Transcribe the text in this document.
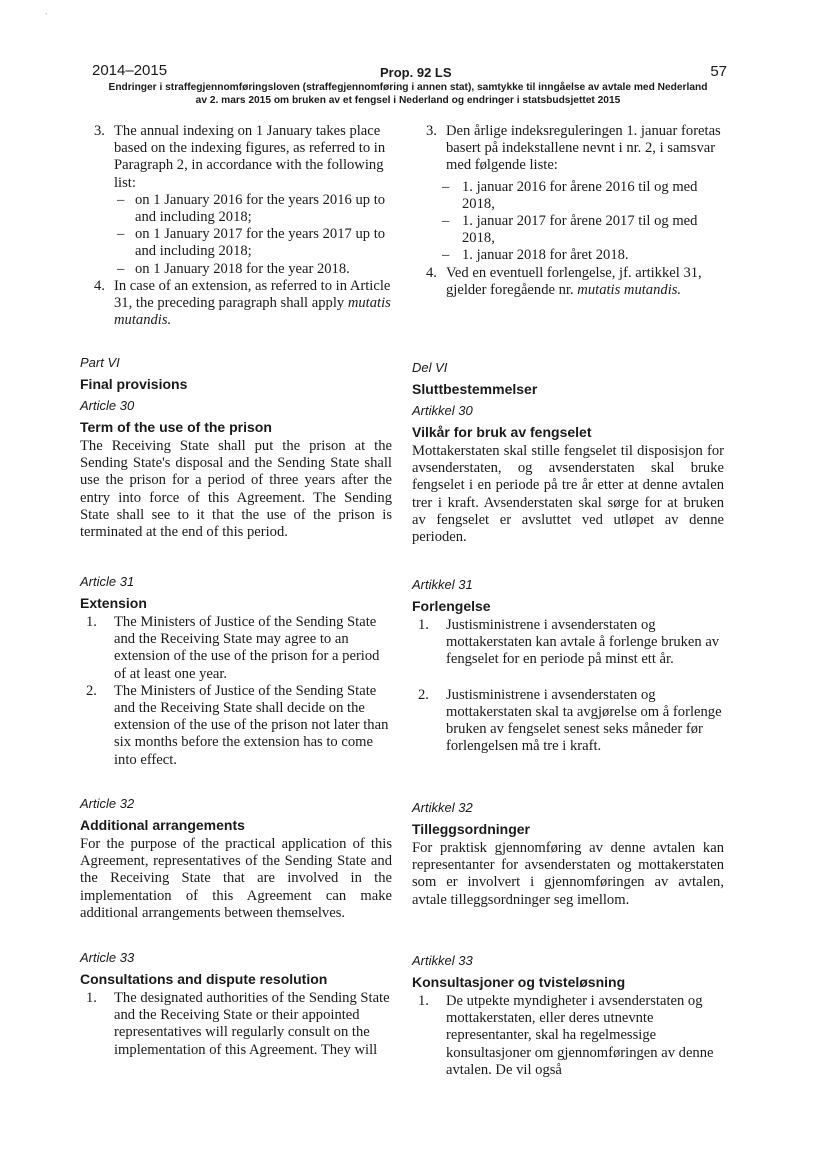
`
2014–2015	Prop. 92 LS	57
Endringer i straffegjennomføringsloven (straffegjennomføring i annen stat), samtykke til inngåelse av avtale med Nederland
av 2. mars 2015 om bruken av et fengsel i Nederland og endringer i statsbudsjettet 2015
3. The annual indexing on 1 January takes place based on the indexing figures, as referred to in Paragraph 2, in accordance with the following list:
– on 1 January 2016 for the years 2016 up to and including 2018;
– on 1 January 2017 for the years 2017 up to and including 2018;
– on 1 January 2018 for the year 2018.
4. In case of an extension, as referred to in Article 31, the preceding paragraph shall apply mutatis mutandis.
Part VI
Final provisions
Article 30
Term of the use of the prison
The Receiving State shall put the prison at the Sending State's disposal and the Sending State shall use the prison for a period of three years after the entry into force of this Agreement. The Sending State shall see to it that the use of the prison is terminated at the end of this period.
Article 31
Extension
1. The Ministers of Justice of the Sending State and the Receiving State may agree to an extension of the use of the prison for a period of at least one year.
2. The Ministers of Justice of the Sending State and the Receiving State shall decide on the extension of the use of the prison not later than six months before the extension has to come into effect.
Article 32
Additional arrangements
For the purpose of the practical application of this Agreement, representatives of the Sending State and the Receiving State that are involved in the implementation of this Agreement can make additional arrangements between themselves.
Article 33
Consultations and dispute resolution
1. The designated authorities of the Sending State and the Receiving State or their appointed representatives will regularly consult on the implementation of this Agreement. They will
3. Den årlige indeksreguleringen 1. januar foretas basert på indekstallene nevnt i nr. 2, i samsvar med følgende liste:
– 1. januar 2016 for årene 2016 til og med 2018,
– 1. januar 2017 for årene 2017 til og med 2018,
– 1. januar 2018 for året 2018.
4. Ved en eventuell forlengelse, jf. artikkel 31, gjelder foregående nr. mutatis mutandis.
Del VI
Sluttbestemmelser
Artikkel 30
Vilkår for bruk av fengselet
Mottakerstaten skal stille fengselet til disposisjon for avsenderstaten, og avsenderstaten skal bruke fengselet i en periode på tre år etter at denne avtalen trer i kraft. Avsenderstaten skal sørge for at bruken av fengselet er avsluttet ved utløpet av denne perioden.
Artikkel 31
Forlengelse
1. Justisministrene i avsenderstaten og mottakerstaten kan avtale å forlenge bruken av fengselet for en periode på minst ett år.
2. Justisministrene i avsenderstaten og mottakerstaten skal ta avgjørelse om å forlenge bruken av fengselet senest seks måneder før forlengelsen må tre i kraft.
Artikkel 32
Tilleggsordninger
For praktisk gjennomføring av denne avtalen kan representanter for avsenderstaten og mottakerstaten som er involvert i gjennomføringen av avtalen, avtale tilleggsordninger seg imellom.
Artikkel 33
Konsultasjoner og tvisteløsning
1. De utpekte myndigheter i avsenderstaten og mottakerstaten, eller deres utnevnte representanter, skal ha regelmessige konsultasjoner om gjennomføringen av denne avtalen. De vil også
